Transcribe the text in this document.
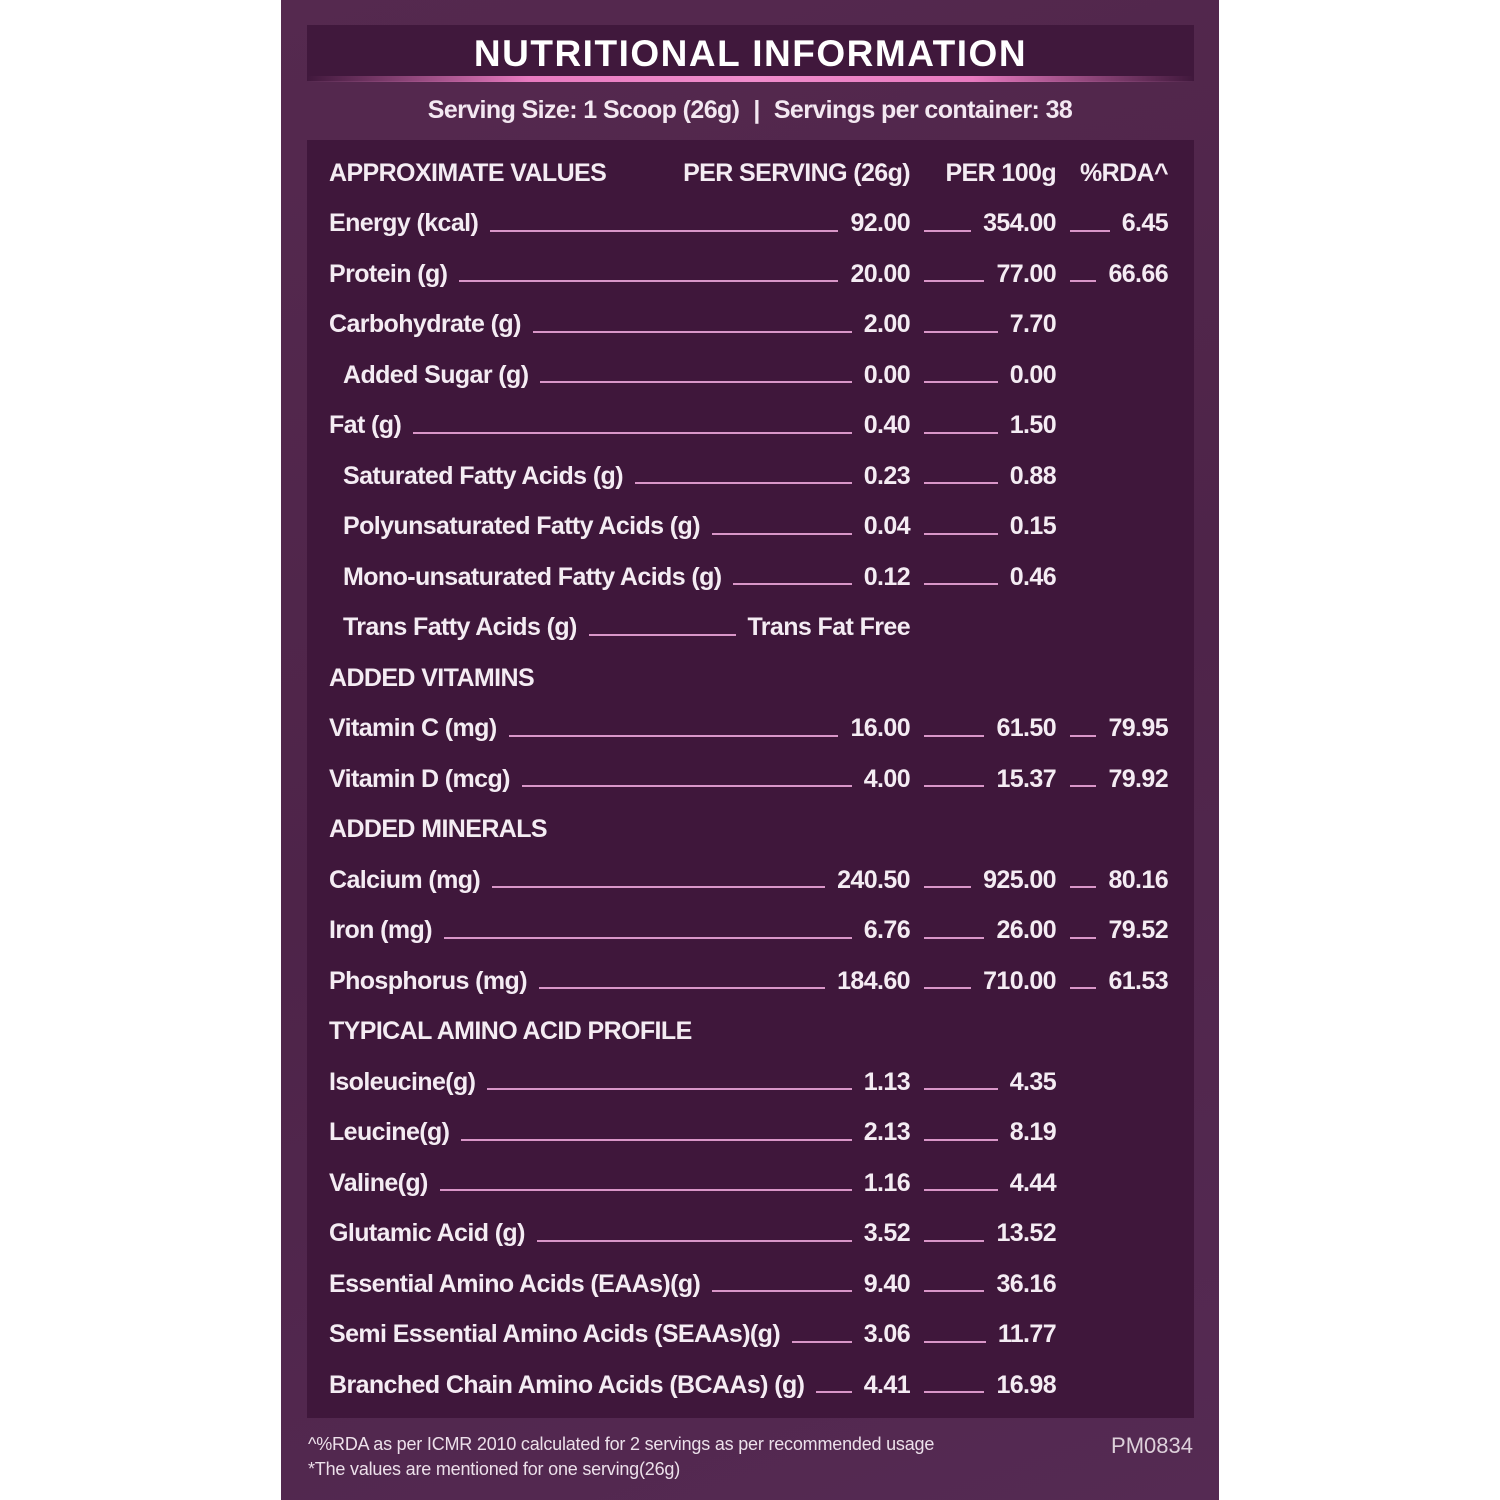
NUTRITIONAL INFORMATION
Serving Size: 1 Scoop (26g) | Servings per container: 38
APPROXIMATE VALUES	PER SERVING (26g) PER 100g %RDA^
Energy (kcal)	92.00	354.00	6.45
Protein (g)	20.00	77.00 66.66
Carbohydrate (g)	2.00	7.70
Added Sugar (g)	0.00	0.00
Fat (g)	0.40	1.50
Saturated Fatty Acids (g)	0.23	0.88
Polyunsaturated Fatty Acids (g)	0.04	0.15
Mono-unsaturated Fatty Acids (g)	0.12	0.46
Trans Fatty Acids (g)	Trans Fat Free
ADDED VITAMINS
Vitamin C (mg)	16.00	61.50 79.95
Vitamin D (mcg)	4.00	15.37 79.92
ADDED MINERALS
Calcium (mg)	240.50	925.00 80.16
Iron (mg)	6.76	26.00 79.52
Phosphorus (mg)	184.60	710.00 61.53
TYPICAL AMINO ACID PROFILE
Isoleucine(g)	1.13	4.35
Leucine(g)	2.13	8.19
Valine(g)	1.16	4.44
Glutamic Acid (g)	3.52	13.52
Essential Amino Acids (EAAs)(g)	9.40	36.16
Semi Essential Amino Acids (SEAAs)(g)	3.06	11.77
Branched Chain Amino Acids (BCAAs) (g) 4.41	16.98
^%RDA as per ICMR 2010 calculated for 2 servings as per recommended usage
*The values are mentioned for one serving(26g)
PM0834
